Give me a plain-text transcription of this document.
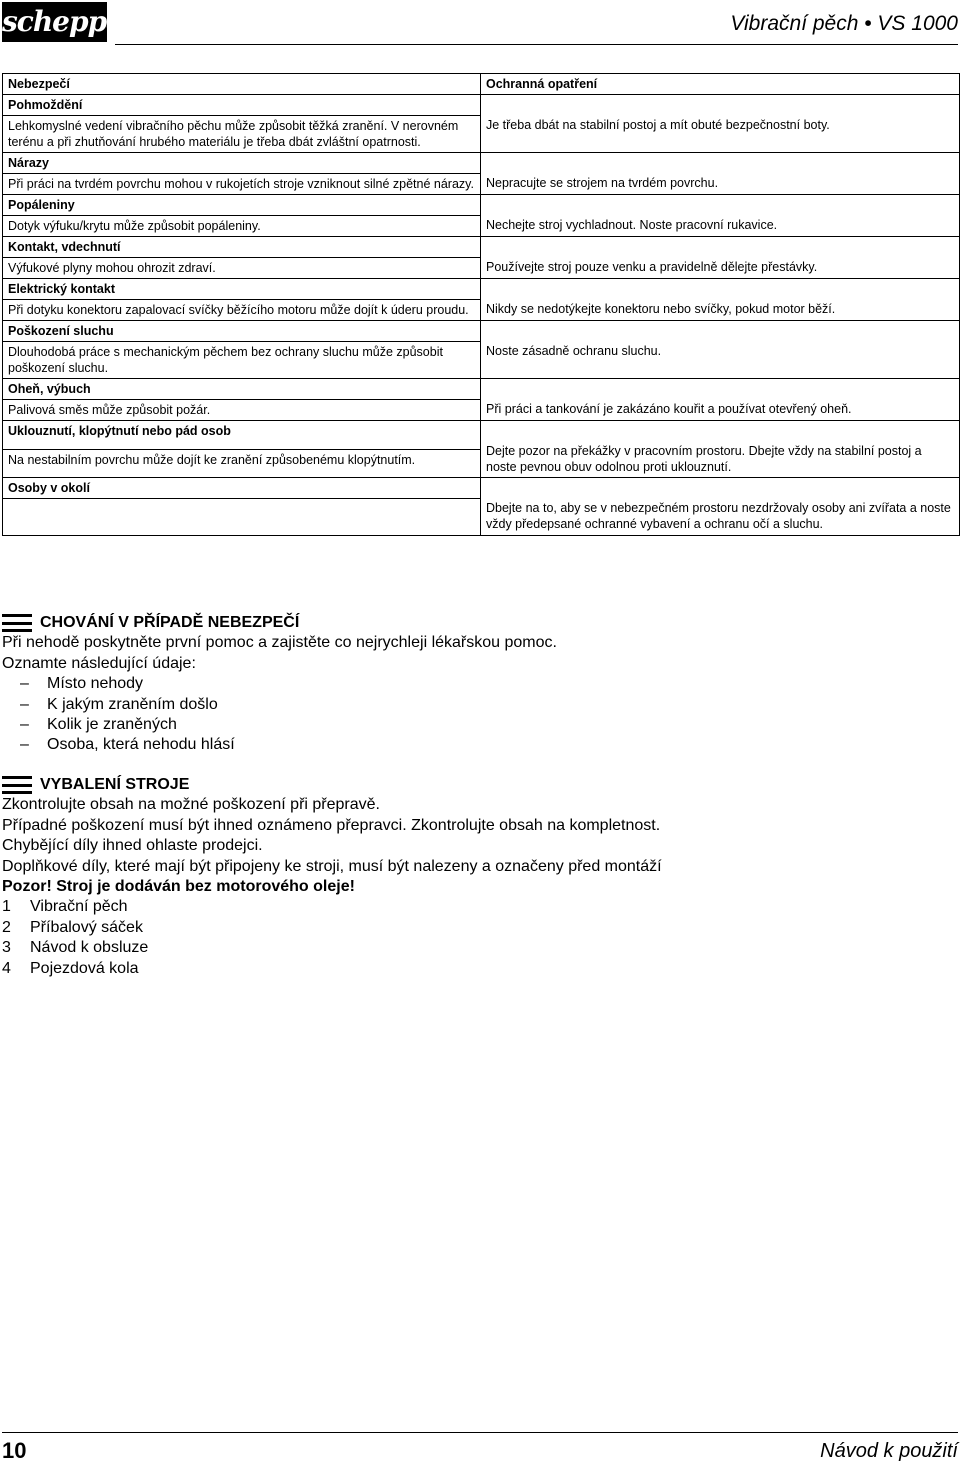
scheppach	Vibrační pěch • VS 1000
Nebezpečí	Ochranná opatření
Pohmoždění	Je třeba dbát na stabilní postoj a mít obuté bezpečnostní boty.
Lehkomyslné vedení vibračního pěchu může způsobit těžká zranění. V nerovném terénu a při zhutňování hrubého materiálu je třeba dbát zvláštní opatrnosti.	
Nárazy	Nepracujte se strojem na tvrdém povrchu.
Při práci na tvrdém povrchu mohou v rukojetích stroje vzniknout silné zpětné nárazy.	
Popáleniny	Nechejte stroj vychladnout. Noste pracovní rukavice.
Dotyk výfuku/krytu může způsobit popáleniny.	
Kontakt, vdechnutí	Používejte stroj pouze venku a pravidelně dělejte přestávky.
Výfukové plyny mohou ohrozit zdraví.	
Elektrický kontakt	Nikdy se nedotýkejte konektoru nebo svíčky, pokud motor běží.
Při dotyku konektoru zapalovací svíčky běžícího motoru může dojít k úderu proudu.	
Poškození sluchu	Noste zásadně ochranu sluchu.
Dlouhodobá práce s mechanickým pěchem bez ochrany sluchu může způsobit poškození sluchu.	
Oheň, výbuch	Při práci a tankování je zakázáno kouřit a používat otevřený oheň.
Palivová směs může způsobit požár.	
Uklouznutí, klopýtnutí nebo pád osob	Dejte pozor na překážky v pracovním prostoru. Dbejte vždy na stabilní postoj a noste pevnou obuv odolnou proti uklouznutí.
Na nestabilním povrchu může dojít ke zranění způsobenému klopýtnutím.	
Osoby v okolí	Dbejte na to, aby se v nebezpečném prostoru nezdržovaly osoby ani zvířata a noste vždy předepsané ochranné vybavení a ochranu očí a sluchu.

CHOVÁNÍ V PŘÍPADĚ NEBEZPEČÍ
Při nehodě poskytněte první pomoc a zajistěte co nejrychleji lékařskou pomoc.
Oznamte následující údaje:
–	Místo nehody
–	K jakým zraněním došlo
–	Kolik je zraněných
–	Osoba, která nehodu hlásí
VYBALENÍ STROJE
Zkontrolujte obsah na možné poškození při přepravě.
Případné poškození musí být ihned oznámeno přepravci. Zkontrolujte obsah na kompletnost.
Chybějící díly ihned ohlaste prodejci.
Doplňkové díly, které mají být připojeny ke stroji, musí být nalezeny a označeny před montáží
Pozor! Stroj je dodáván bez motorového oleje!
1	Vibrační pěch
2	Příbalový sáček
3	Návod k obsluze
4	Pojezdová kola
10	Návod k použití
